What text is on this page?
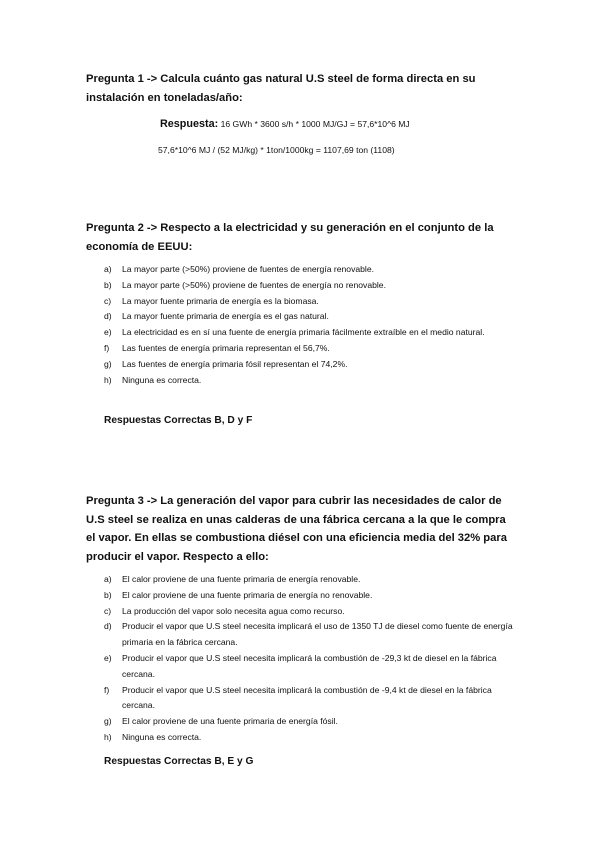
Pregunta 1 -> Calcula cuánto gas natural U.S steel de forma directa en su instalación en toneladas/año:
Respuesta: 16 GWh * 3600 s/h * 1000 MJ/GJ = 57,6*10^6 MJ
57,6*10^6 MJ / (52 MJ/kg) * 1ton/1000kg = 1107,69 ton (1108)
Pregunta 2 -> Respecto a la electricidad y su generación en el conjunto de la economía de EEUU:
a) La mayor parte (>50%) proviene de fuentes de energía renovable.
b) La mayor parte (>50%) proviene de fuentes de energía no renovable.
c) La mayor fuente primaria de energía es la biomasa.
d) La mayor fuente primaria de energía es el gas natural.
e) La electricidad es en sí una fuente de energía primaria fácilmente extraíble en el medio natural.
f) Las fuentes de energía primaria representan el 56,7%.
g) Las fuentes de energía primaria fósil representan el 74,2%.
h) Ninguna es correcta.
Respuestas Correctas B, D y F
Pregunta 3 -> La generación del vapor para cubrir las necesidades de calor de U.S steel se realiza en unas calderas de una fábrica cercana a la que le compra el vapor. En ellas se combustiona diésel con una eficiencia media del 32% para producir el vapor. Respecto a ello:
a) El calor proviene de una fuente primaria de energía renovable.
b) El calor proviene de una fuente primaria de energía no renovable.
c) La producción del vapor solo necesita agua como recurso.
d) Producir el vapor que U.S steel necesita implicará el uso de 1350 TJ de diesel como fuente de energía primaria en la fábrica cercana.
e) Producir el vapor que U.S steel necesita implicará la combustión de -29,3 kt de diesel en la fábrica cercana.
f) Producir el vapor que U.S steel necesita implicará la combustión de -9,4 kt de diesel en la fábrica cercana.
g) El calor proviene de una fuente primaria de energía fósil.
h) Ninguna es correcta.
Respuestas Correctas B, E y G
